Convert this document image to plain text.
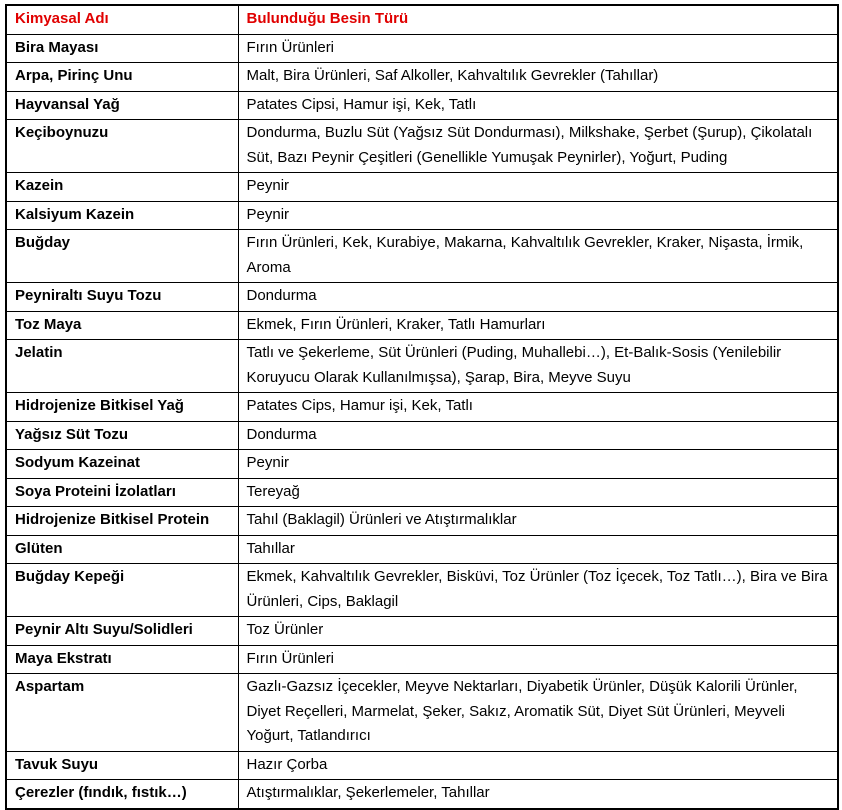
Kimyasal Adı	Bulunduğu Besin Türü
Bira Mayası	Fırın Ürünleri
Arpa, Pirinç Unu	Malt, Bira Ürünleri, Saf Alkoller, Kahvaltılık Gevrekler (Tahıllar)
Hayvansal Yağ	Patates Cipsi, Hamur işi, Kek, Tatlı
Keçiboynuzu	Dondurma, Buzlu Süt (Yağsız Süt Dondurması), Milkshake, Şerbet (Şurup), Çikolatalı Süt, Bazı Peynir Çeşitleri (Genellikle Yumuşak Peynirler), Yoğurt, Puding
Kazein	Peynir
Kalsiyum Kazein	Peynir
Buğday	Fırın Ürünleri, Kek, Kurabiye, Makarna, Kahvaltılık Gevrekler, Kraker, Nişasta, İrmik, Aroma
Peyniraltı Suyu Tozu	Dondurma
Toz Maya	Ekmek, Fırın Ürünleri, Kraker, Tatlı Hamurları
Jelatin	Tatlı ve Şekerleme, Süt Ürünleri (Puding, Muhallebi…), Et-Balık-Sosis (Yenilebilir Koruyucu Olarak Kullanılmışsa), Şarap, Bira, Meyve Suyu
Hidrojenize Bitkisel Yağ	Patates Cips, Hamur işi, Kek, Tatlı
Yağsız Süt Tozu	Dondurma
Sodyum Kazeinat	Peynir
Soya Proteini İzolatları	Tereyağ
Hidrojenize Bitkisel Protein	Tahıl (Baklagil) Ürünleri ve Atıştırmalıklar
Glüten	Tahıllar
Buğday Kepeği	Ekmek, Kahvaltılık Gevrekler, Bisküvi, Toz Ürünler (Toz İçecek, Toz Tatlı…), Bira ve Bira Ürünleri, Cips, Baklagil
Peynir Altı Suyu/Solidleri	Toz Ürünler
Maya Ekstratı	Fırın Ürünleri
Aspartam	Gazlı-Gazsız İçecekler, Meyve Nektarları, Diyabetik Ürünler, Düşük Kalorili Ürünler, Diyet Reçelleri, Marmelat, Şeker, Sakız, Aromatik Süt, Diyet Süt Ürünleri, Meyveli Yoğurt, Tatlandırıcı
Tavuk Suyu	Hazır Çorba
Çerezler (fındık, fıstık…)	Atıştırmalıklar, Şekerlemeler, Tahıllar
